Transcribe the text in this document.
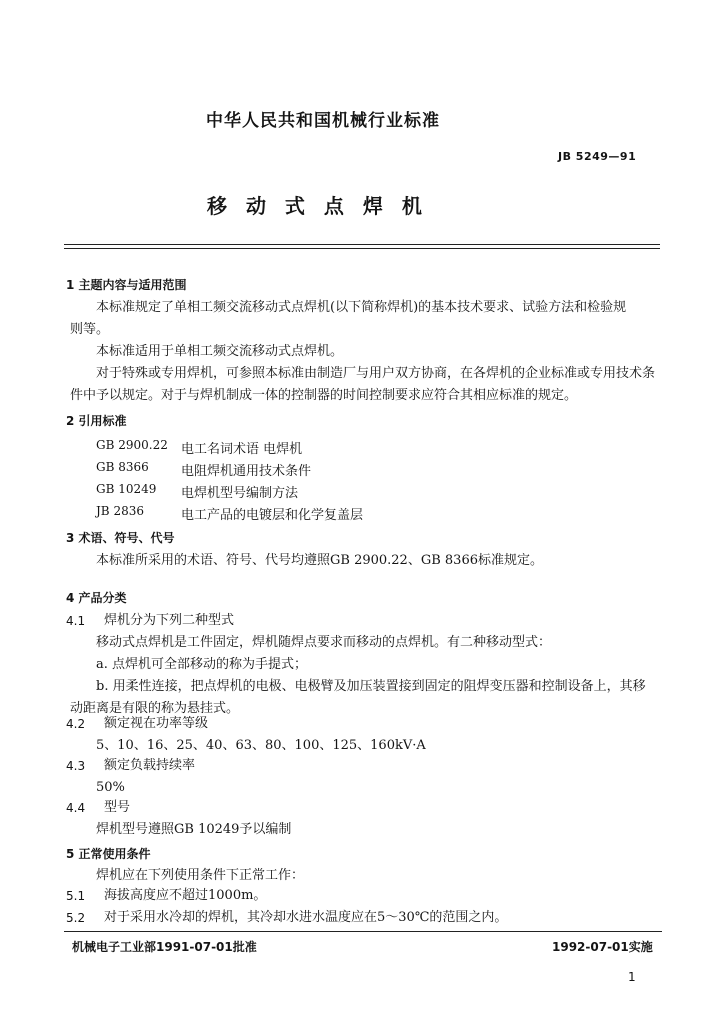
中华人民共和国机械行业标准
JB 5249—91
移 动 式 点 焊 机
1 主题内容与适用范围
本标准规定了单相工频交流移动式点焊机(以下简称焊机)的基本技术要求、试验方法和检验规
则等。
本标准适用于单相工频交流移动式点焊机。
对于特殊或专用焊机，可参照本标准由制造厂与用户双方协商，在各焊机的企业标准或专用技术条
件中予以规定。对于与焊机制成一体的控制器的时间控制要求应符合其相应标准的规定。
2 引用标准
GB 2900.22 电工名词术语 电焊机
GB 8366 电阻焊机通用技术条件
GB 10249 电焊机型号编制方法
JB 2836	电工产品的电镀层和化学复盖层
3 术语、符号、代号
本标准所采用的术语、符号、代号均遵照GB 2900.22、GB 8366标准规定。
4 产品分类
4.1 焊机分为下列二种型式
移动式点焊机是工件固定，焊机随焊点要求而移动的点焊机。有二种移动型式：
a. 点焊机可全部移动的称为手提式；
b. 用柔性连接，把点焊机的电极、电极臂及加压装置接到固定的阻焊变压器和控制设备上，其移
动距离是有限的称为悬挂式。
4.2 额定视在功率等级
5、10、16、25、40、63、80、100、125、160kV·A
4.3 额定负载持续率
50%
4.4 型号
焊机型号遵照GB 10249予以编制
5 正常使用条件
焊机应在下列使用条件下正常工作：
5.1 海拔高度应不超过1000m。
5.2 对于采用水冷却的焊机，其冷却水进水温度应在5～30℃的范围之内。
机械电子工业部1991-07-01批准	1992-07-01实施
1
